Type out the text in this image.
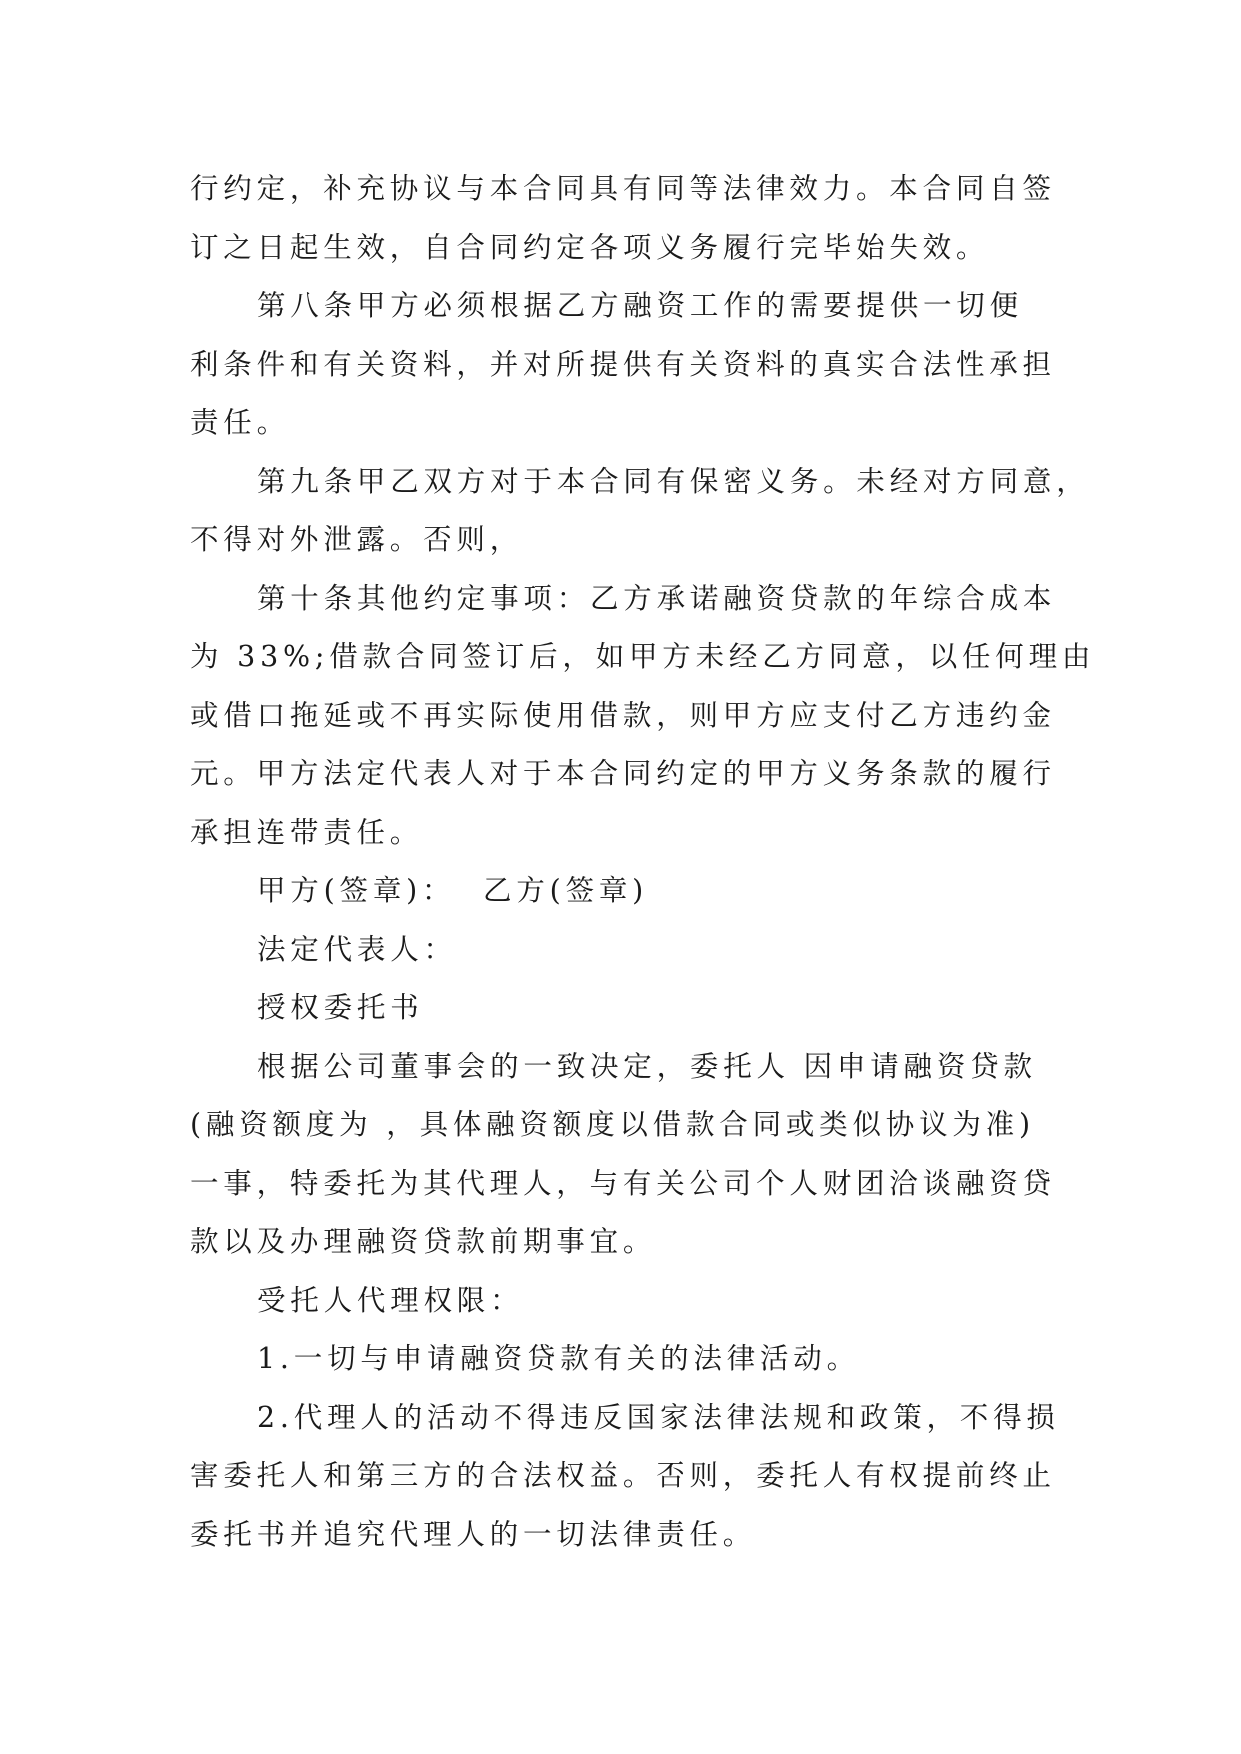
行约定，补充协议与本合同具有同等法律效力。本合同自签
订之日起生效，自合同约定各项义务履行完毕始失效。
第八条甲方必须根据乙方融资工作的需要提供一切便
利条件和有关资料，并对所提供有关资料的真实合法性承担
责任。
第九条甲乙双方对于本合同有保密义务。未经对方同意，
不得对外泄露。否则，
第十条其他约定事项：乙方承诺融资贷款的年综合成本
为 33%;借款合同签订后，如甲方未经乙方同意，以任何理由
或借口拖延或不再实际使用借款，则甲方应支付乙方违约金
元。甲方法定代表人对于本合同约定的甲方义务条款的履行
承担连带责任。
甲方(签章)：  乙方(签章)
法定代表人：
授权委托书
根据公司董事会的一致决定，委托人 因申请融资贷款
(融资额度为 ，具体融资额度以借款合同或类似协议为准)
一事，特委托为其代理人，与有关公司个人财团洽谈融资贷
款以及办理融资贷款前期事宜。
受托人代理权限：
1.一切与申请融资贷款有关的法律活动。
2.代理人的活动不得违反国家法律法规和政策，不得损
害委托人和第三方的合法权益。否则，委托人有权提前终止
委托书并追究代理人的一切法律责任。
